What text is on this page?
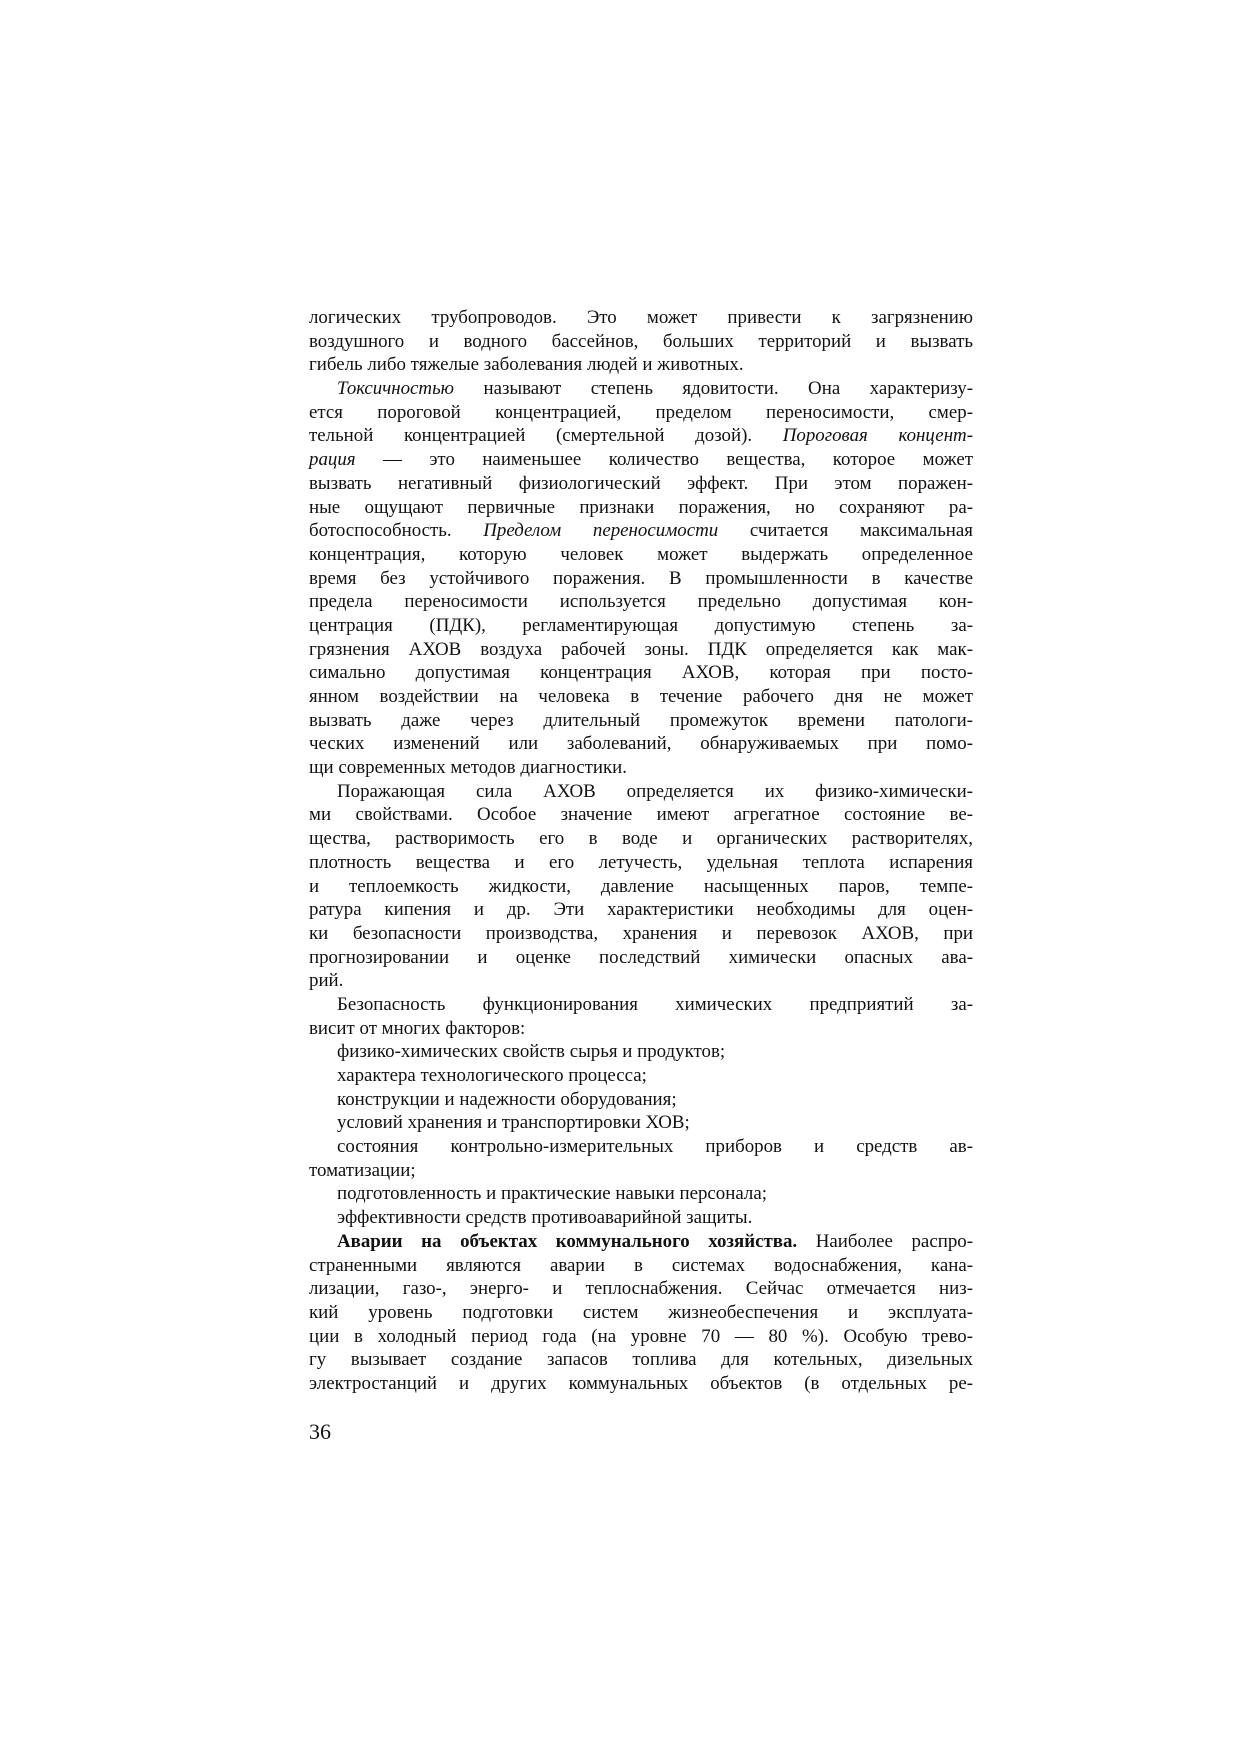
логических трубопроводов. Это может привести к загрязнению
воздушного и водного бассейнов, больших территорий и вызвать
гибель либо тяжелые заболевания людей и животных.
Токсичностью называют степень ядовитости. Она характеризу-
ется пороговой концентрацией, пределом переносимости, смер-
тельной концентрацией (смертельной дозой). Пороговая концент-
рация — это наименьшее количество вещества, которое может
вызвать негативный физиологический эффект. При этом поражен-
ные ощущают первичные признаки поражения, но сохраняют ра-
ботоспособность. Пределом переносимости считается максимальная
концентрация, которую человек может выдержать определенное
время без устойчивого поражения. В промышленности в качестве
предела переносимости используется предельно допустимая кон-
центрация (ПДК), регламентирующая допустимую степень за-
грязнения АХОВ воздуха рабочей зоны. ПДК определяется как мак-
симально допустимая концентрация АХОВ, которая при посто-
янном воздействии на человека в течение рабочего дня не может
вызвать даже через длительный промежуток времени патологи-
ческих изменений или заболеваний, обнаруживаемых при помо-
щи современных методов диагностики.
Поражающая сила АХОВ определяется их физико-химически-
ми свойствами. Особое значение имеют агрегатное состояние ве-
щества, растворимость его в воде и органических растворителях,
плотность вещества и его летучесть, удельная теплота испарения
и теплоемкость жидкости, давление насыщенных паров, темпе-
ратура кипения и др. Эти характеристики необходимы для оцен-
ки безопасности производства, хранения и перевозок АХОВ, при
прогнозировании и оценке последствий химически опасных ава-
рий.
Безопасность функционирования химических предприятий за-
висит от многих факторов:
физико-химических свойств сырья и продуктов;
характера технологического процесса;
конструкции и надежности оборудования;
условий хранения и транспортировки ХОВ;
состояния контрольно-измерительных приборов и средств ав-
томатизации;
подготовленность и практические навыки персонала;
эффективности средств противоаварийной защиты.
Аварии на объектах коммунального хозяйства. Наиболее распро-
страненными являются аварии в системах водоснабжения, кана-
лизации, газо-, энерго- и теплоснабжения. Сейчас отмечается низ-
кий уровень подготовки систем жизнеобеспечения и эксплуата-
ции в холодный период года (на уровне 70 — 80 %). Особую трево-
гу вызывает создание запасов топлива для котельных, дизельных
электростанций и других коммунальных объектов (в отдельных ре-
36
